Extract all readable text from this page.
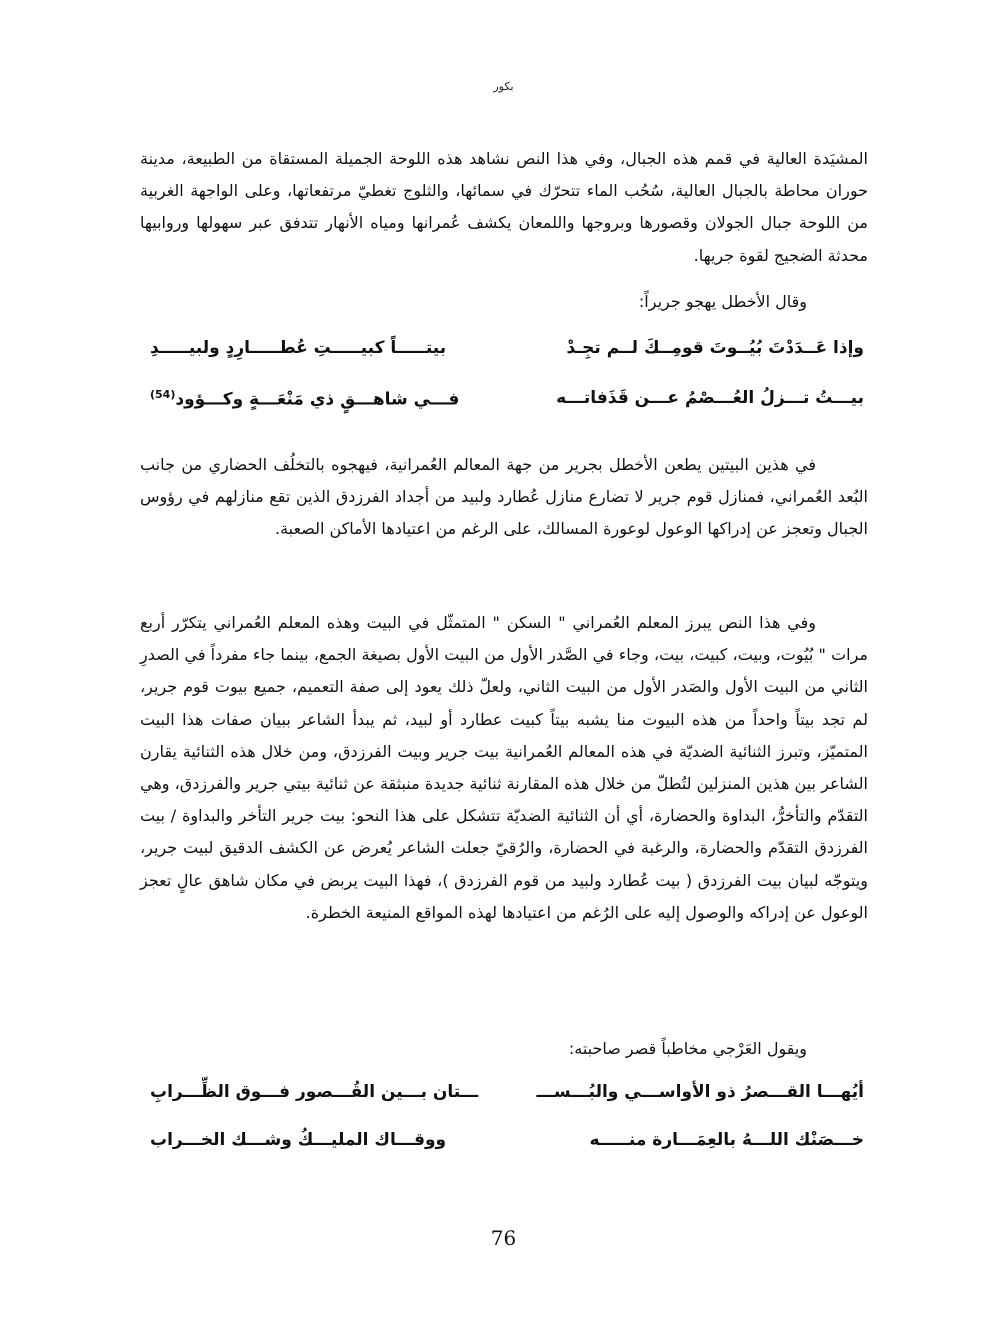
بكور
المشيَدة العالية في قمم هذه الجبال، وفي هذا النص نشاهد هذه اللوحة الجميلة المستقاة من الطبيعة، مدينة حوران محاطة بالجبال العالية، سُحُب الماء تتحرّك في سمائها، والثلوج تغطيّ مرتفعاتها، وعلى الواجهة الغربية من اللوحة جبال الجولان وقصورها وبروجها واللمعان يكشف عُمرانها ومياه الأنهار تتدفق عبر سهولها وروابيها محدثة الضجيج لقوة جريها.
وقال الأخطل يهجو جريراً:
وإذا عَــدَدْتَ بُيُــوتَ قومِــكَ لــم تجِـدْ
بيتـــــاً كبيـــــتِ عُطـــــارِدٍ ولبيـــــدِ
بيـــتُ تـــزلُ العُـــصْمُ عـــن قَذَفاتـــه
فـــي شاهـــقٍ ذي مَنْعَـــةٍ وكـــؤود$^{(54)}$
في هذين البيتين يطعن الأخطل بجرير من جهة المعالم العُمرانية، فيهجوه بالتخلُف الحضاري من جانب البُعد العُمراني، فمنازل قوم جرير لا تضارع منازل عُطارد ولبيد من أجداد الفرزدق الذين تقع منازلهم في رؤوس الجبال وتعجز عن إدراكها الوعول لوعورة المسالك، على الرغم من اعتيادها الأماكن الصعبة.
وفي هذا النص يبرز المعلم العُمراني " السكن " المتمثّل في البيت وهذه المعلم العُمراني يتكرّر أربع مرات " بُيُوت، وبيت، كبيت، بيت، وجاء في الصَّدر الأول من البيت الأول بصيغة الجمع، بينما جاء مفرداً في الصدرِ الثاني من البيت الأول والصَدر الأول من البيت الثاني، ولعلّ ذلك يعود إلى صفة التعميم، جميع بيوت قوم جرير، لم تجد بيتاً واحداً من هذه البيوت منا يشبه بيتاً كبيت عطارد أو لبيد، ثم يبدأ الشاعر ببيان صفات هذا البيت المتميّز، وتبرز الثنائية الضديّة في هذه المعالم العُمرانية بيت جرير وبيت الفرزدق، ومن خلال هذه الثنائية يقارن الشاعر بين هذين المنزلين لتُطلّ من خلال هذه المقارنة ثنائية جديدة منبثقة عن ثنائية بيتي جرير والفرزدق، وهي التقدّم والتأخرُّ، البداوة والحضارة، أي أن الثنائية الضديّة تتشكل على هذا النحو: بيت جرير التأخر والبداوة / بيت الفرزدق التقدّم والحضارة، والرغبة في الحضارة، والرُقيّ جعلت الشاعر يُعرض عن الكشف الدقيق لبيت جرير، ويتوجّه لبيان بيت الفرزدق ( بيت عُطارد ولبيد من قوم الفرزدق )، فهذا البيت يربض في مكان شاهق عالٍ تعجز الوعول عن إدراكه والوصول إليه على الرُغم من اعتيادها لهذه المواقع المنيعة الخطرة.
ويقول العَرْجي مخاطباً قصر صاحبته:
أيُهـــا القـــصرُ ذو الأواســـي والبُـــســـ
ـــتان بـــين القُـــصور فـــوق الظِّـــرابِ
خـــصَنْك اللـــهُ بالعِمَـــارة منـــــه
ووقـــاك المليـــكُ وشـــك الخـــراب
76
